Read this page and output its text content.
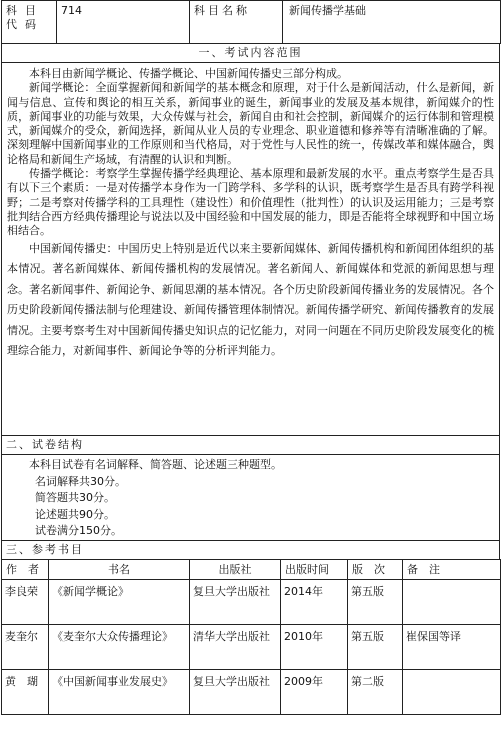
科目代码	714	科目名称	新闻传播学基础
一、考试内容范围

本科目由新闻学概论、传播学概论、中国新闻传播史三部分构成。

新闻学概论：全面掌握新闻和新闻学的基本概念和原理，对于什么是新闻活动，什么是新闻，新闻与信息、宣传和舆论的相互关系，新闻事业的诞生，新闻事业的发展及基本规律，新闻媒介的性质，新闻事业的功能与效果，大众传媒与社会，新闻自由和社会控制，新闻媒介的运行体制和管理模式，新闻媒介的受众，新闻选择，新闻从业人员的专业理念、职业道德和修养等有清晰准确的了解。深刻理解中国新闻事业的工作原则和当代格局，对于党性与人民性的统一，传媒改革和媒体融合，舆论格局和新闻生产场域，有清醒的认识和判断。

传播学概论：考察学生掌握传播学经典理论、基本原理和最新发展的水平。重点考察学生是否具有以下三个素质：一是对传播学本身作为一门跨学科、多学科的认识，既考察学生是否具有跨学科视野；二是考察对传播学科的工具理性（建设性）和价值理性（批判性）的认识及运用能力；三是考察批判结合西方经典传播理论与说法以及中国经验和中国发展的能力，即是否能将全球视野和中国立场相结合。

中国新闻传播史：中国历史上特别是近代以来主要新闻媒体、新闻传播机构和新闻团体组织的基本情况。著名新闻媒体、新闻传播机构的发展情况。著名新闻人、新闻媒体和党派的新闻思想与理念。著名新闻事件、新闻论争、新闻思潮的基本情况。各个历史阶段新闻传播业务的发展情况。各个历史阶段新闻传播法制与伦理建设、新闻传播管理体制情况。新闻传播学研究、新闻传播教育的发展情况。主要考察考生对中国新闻传播史知识点的记忆能力，对同一问题在不同历史阶段发展变化的梳理综合能力，对新闻事件、新闻论争等的分析评判能力。

二、试卷结构

本科目试卷有名词解释、简答题、论述题三种题型。

名词解释共30分。

简答题共30分。

论述题共90分。

试卷满分150分。

三、参考书目
作　者	书名	出版社	出版时间	版　次	备　注
李良荣	《新闻学概论》	复旦大学出版社	2014年	第五版	
麦奎尔	《麦奎尔大众传播理论》	清华大学出版社	2010年	第五版	崔保国等译
黄　瑚	《中国新闻事业发展史》	复旦大学出版社	2009年	第二版	
